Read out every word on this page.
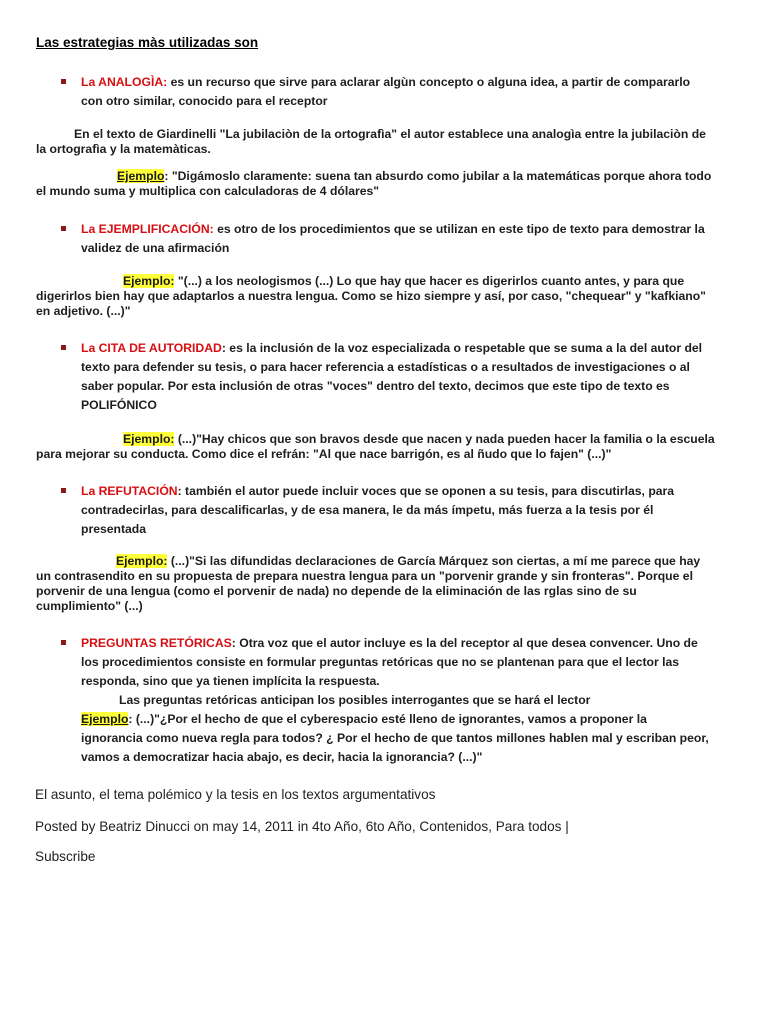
Las estrategias màs utilizadas son
La ANALOGÌA: es un recurso que sirve para aclarar algùn concepto o alguna idea, a partir de compararlo
con otro similar, conocido para el receptor
En el texto de Giardinelli "La jubilaciòn de la ortografìa" el autor establece una analogìa entre la jubilaciòn de
la ortografìa y la matemàticas.
Ejemplo: "Digámoslo claramente: suena tan absurdo como jubilar a la matemáticas porque ahora todo
el mundo suma y multiplica con calculadoras de 4 dólares"
La EJEMPLIFICACIÓN: es otro de los procedimientos que se utilizan en este tipo de texto para demostrar la
validez de una afirmación
Ejemplo: "(...) a los neologismos (...) Lo que hay que hacer es digerirlos cuanto antes, y para que
digerirlos bien hay que adaptarlos a nuestra lengua. Como se hizo siempre y así, por caso, "chequear" y "kafkiano"
en adjetivo. (...)"
La CITA DE AUTORIDAD: es la inclusión de la voz especializada o respetable que se suma a la del autor del
texto para defender su tesis, o para hacer referencia a estadísticas o a resultados de investigaciones o al
saber popular. Por esta inclusión de otras "voces" dentro del texto, decimos que este tipo de texto es
POLIFÓNICO
Ejemplo: (...)"Hay chicos que son bravos desde que nacen y nada pueden hacer la familia o la escuela
para mejorar su conducta. Como dice el refrán: "Al que nace barrigón, es al ñudo que lo fajen" (...)"
La REFUTACIÓN: también el autor puede incluir voces que se oponen a su tesis, para discutirlas, para
contradecirlas, para descalificarlas, y de esa manera, le da más ímpetu, más fuerza a la tesis por él
presentada
Ejemplo: (...)"Si las difundidas declaraciones de García Márquez son ciertas, a mí me parece que hay
un contrasendito en su propuesta de prepara nuestra lengua para un "porvenir grande y sin fronteras". Porque el
porvenir de una lengua (como el porvenir de nada) no depende de la eliminación de las rglas sino de su
cumplimiento" (...)
PREGUNTAS RETÓRICAS: Otra voz que el autor incluye es la del receptor al que desea convencer. Uno de
los procedimientos consiste en formular preguntas retóricas que no se plantenan para que el lector las
responda, sino que ya tienen implícita la respuesta.
Las preguntas retóricas anticipan los posibles interrogantes que se hará el lector
Ejemplo: (...)"¿Por el hecho de que el cyberespacio esté lleno de ignorantes, vamos a proponer la
ignorancia como nueva regla para todos? ¿ Por el hecho de que tantos millones hablen mal y escriban peor,
vamos a democratizar hacia abajo, es decir, hacia la ignorancia? (...)"
El asunto, el tema polémico y la tesis en los textos argumentativos
Posted by Beatriz Dinucci on may 14, 2011 in 4to Año, 6to Año, Contenidos, Para todos |
Subscribe
